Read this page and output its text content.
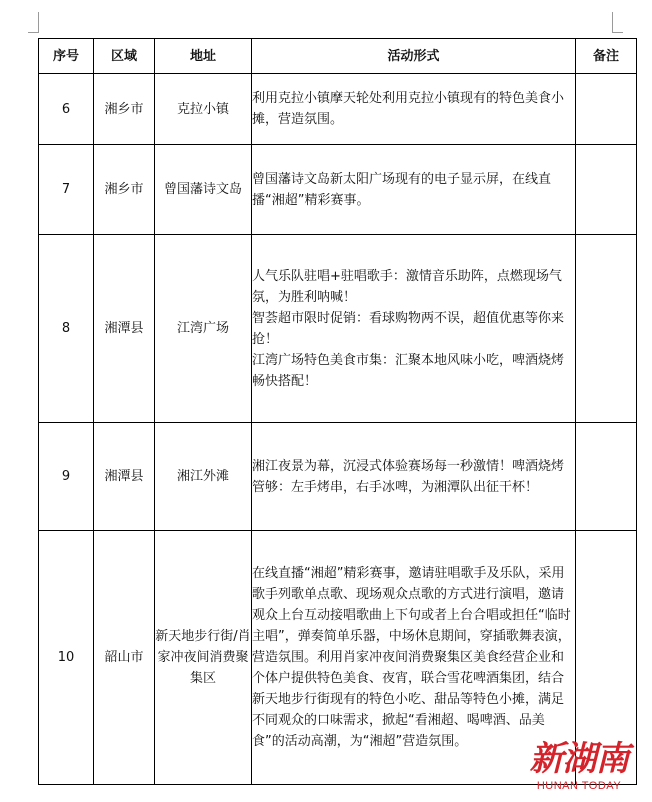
序号	区域	地址	活动形式	备注
6	湘乡市	克拉小镇	利用克拉小镇摩天轮处利用克拉小镇现有的特色美食小摊，营造氛围。	
7	湘乡市	曾国藩诗文岛	曾国藩诗文岛新太阳广场现有的电子显示屏，在线直播“湘超”精彩赛事。	
8	湘潭县	江湾广场	人气乐队驻唱+驻唱歌手：激情音乐助阵，点燃现场气氛，为胜利呐喊！
智荟超市限时促销：看球购物两不误，超值优惠等你来抢！
江湾广场特色美食市集：汇聚本地风味小吃，啤酒烧烤畅快搭配！	

9	湘潭县	湘江外滩	湘江夜景为幕，沉浸式体验赛场每一秒激情！啤酒烧烤管够：左手烤串，右手冰啤，为湘潭队出征干杯！	
10	韶山市	新天地步行街/肖家冲夜间消费聚集区	在线直播“湘超”精彩赛事，邀请驻唱歌手及乐队，采用歌手列歌单点歌、现场观众点歌的方式进行演唱，邀请观众上台互动接唱歌曲上下句或者上台合唱或担任“临时主唱”，弹奏简单乐器，中场休息期间，穿插歌舞表演，营造氛围。利用肖家冲夜间消费聚集区美食经营企业和个体户提供特色美食、夜宵，联合雪花啤酒集团，结合新天地步行街现有的特色小吃、甜品等特色小摊，满足不同观众的口味需求，掀起“看湘超、喝啤酒、品美食”的活动高潮，为“湘超”营造氛围。	新湖南
HUNAN TODAY
